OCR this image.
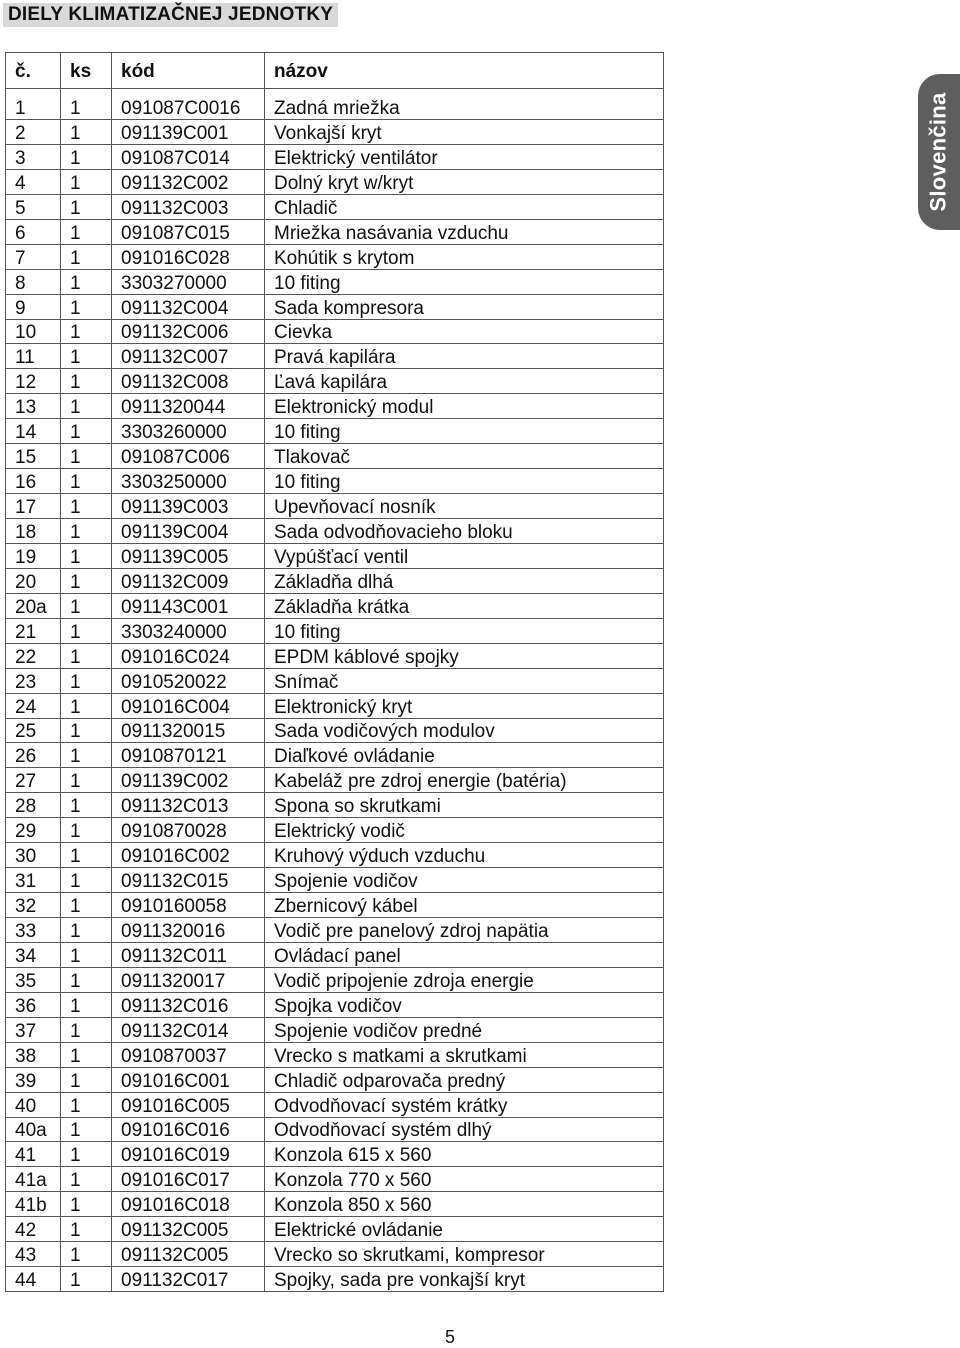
DIELY KLIMATIZAČNEJ JEDNOTKY
č.	ks	kód	názov
1	1	091087C0016	Zadná mriežka
2	1	091139C001	Vonkajší kryt
3	1	091087C014	Elektrický ventilátor
4	1	091132C002	Dolný kryt w/kryt
5	1	091132C003	Chladič
6	1	091087C015	Mriežka nasávania vzduchu
7	1	091016C028	Kohútik s krytom
8	1	3303270000	10 fiting
9	1	091132C004	Sada kompresora
10	1	091132C006	Cievka
11	1	091132C007	Pravá kapilára
12	1	091132C008	Ľavá kapilára
13	1	0911320044	Elektronický modul
14	1	3303260000	10 fiting
15	1	091087C006	Tlakovač
16	1	3303250000	10 fiting
17	1	091139C003	Upevňovací nosník
18	1	091139C004	Sada odvodňovacieho bloku
19	1	091139C005	Vypúšťací ventil
20	1	091132C009	Základňa dlhá
20a	1	091143C001	Základňa krátka
21	1	3303240000	10 fiting
22	1	091016C024	EPDM káblové spojky
23	1	0910520022	Snímač
24	1	091016C004	Elektronický kryt
25	1	0911320015	Sada vodičových modulov
26	1	0910870121	Diaľkové ovládanie
27	1	091139C002	Kabeláž pre zdroj energie (batéria)
28	1	091132C013	Spona so skrutkami
29	1	0910870028	Elektrický vodič
30	1	091016C002	Kruhový výduch vzduchu
31	1	091132C015	Spojenie vodičov
32	1	0910160058	Zbernicový kábel
33	1	0911320016	Vodič pre panelový zdroj napätia
34	1	091132C011	Ovládací panel
35	1	0911320017	Vodič pripojenie zdroja energie
36	1	091132C016	Spojka vodičov
37	1	091132C014	Spojenie vodičov predné
38	1	0910870037	Vrecko s matkami a skrutkami
39	1	091016C001	Chladič odparovača predný
40	1	091016C005	Odvodňovací systém krátky
40a	1	091016C016	Odvodňovací systém dlhý
41	1	091016C019	Konzola 615 x 560
41a	1	091016C017	Konzola 770 x 560
41b	1	091016C018	Konzola 850 x 560
42	1	091132C005	Elektrické ovládanie
43	1	091132C005	Vrecko so skrutkami, kompresor
44	1	091132C017	Spojky, sada pre vonkajší kryt
Slovenčina
5
